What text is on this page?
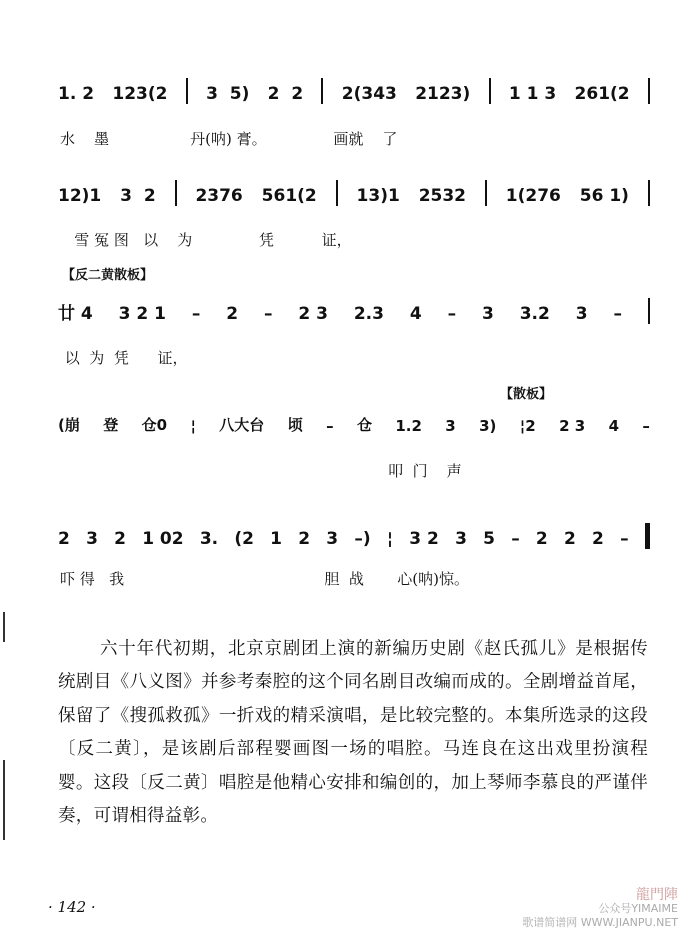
1. 2 123(2 3  5) 2  2 2(343 2123) 1 1 3 261(2
水    墨                 丹(呐) 膏。              画就    了
12)1 3  2 2376 561(2 13)1 2532 1(276 56 1)
雪 冤 图   以    为              凭          证，
【反二黄散板】
廿 4 3 2 1 – 2 – 2 3 2.3 4 – 3 3.2 3 –
以  为  凭      证，
【散板】
(崩 登 仓0 ¦ 八大台 顷 – 仓 1.2 3 3) ¦2 2 3 4 –
叩  门    声
2 3 2 1 02 3. (2 1 2 3 –) ¦ 3 2 3 5 – 2 2 2 –
吓 得   我                                          胆  战       心(呐)惊。
六十年代初期，北京京剧团上演的新编历史剧《赵氏孤儿》是根据传统剧目《八义图》并参考秦腔的这个同名剧目改编而成的。全剧增益首尾，保留了《搜孤救孤》一折戏的精采演唱，是比较完整的。本集所选录的这段〔反二黄〕，是该剧后部程婴画图一场的唱腔。马连良在这出戏里扮演程婴。这段〔反二黄〕唱腔是他精心安排和编创的，加上琴师李慕良的严谨伴奏，可谓相得益彰。
· 142 ·
龍門陣
公众号YIMAIME
歌谱简谱网 WWW.JIANPU.NET
